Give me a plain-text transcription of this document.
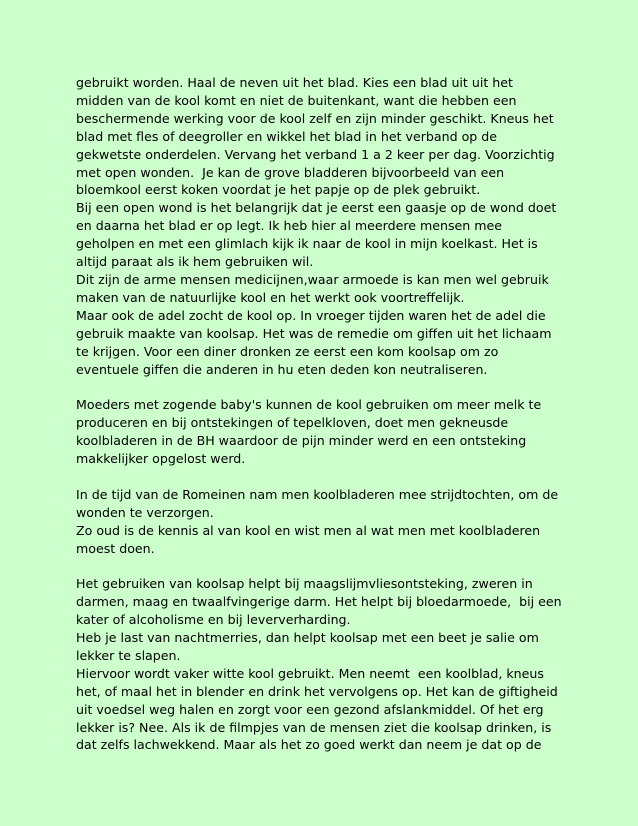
gebruikt worden. Haal de neven uit het blad. Kies een blad uit uit het
midden van de kool komt en niet de buitenkant, want die hebben een
beschermende werking voor de kool zelf en zijn minder geschikt. Kneus het
blad met fles of deegroller en wikkel het blad in het verband op de
gekwetste onderdelen. Vervang het verband 1 a 2 keer per dag. Voorzichtig
met open wonden.  Je kan de grove bladderen bijvoorbeeld van een
bloemkool eerst koken voordat je het papje op de plek gebruikt.
Bij een open wond is het belangrijk dat je eerst een gaasje op de wond doet
en daarna het blad er op legt. Ik heb hier al meerdere mensen mee
geholpen en met een glimlach kijk ik naar de kool in mijn koelkast. Het is
altijd paraat als ik hem gebruiken wil.
Dit zijn de arme mensen medicijnen,waar armoede is kan men wel gebruik
maken van de natuurlijke kool en het werkt ook voortreffelijk.
Maar ook de adel zocht de kool op. In vroeger tijden waren het de adel die
gebruik maakte van koolsap. Het was de remedie om giffen uit het lichaam
te krijgen. Voor een diner dronken ze eerst een kom koolsap om zo
eventuele giffen die anderen in hu eten deden kon neutraliseren.
Moeders met zogende baby's kunnen de kool gebruiken om meer melk te
produceren en bij ontstekingen of tepelkloven, doet men gekneusde
koolbladeren in de BH waardoor de pijn minder werd en een ontsteking
makkelijker opgelost werd.
In de tijd van de Romeinen nam men koolbladeren mee strijdtochten, om de
wonden te verzorgen.
Zo oud is de kennis al van kool en wist men al wat men met koolbladeren
moest doen.
Het gebruiken van koolsap helpt bij maagslijmvliesontsteking, zweren in
darmen, maag en twaalfvingerige darm. Het helpt bij bloedarmoede,  bij een
kater of alcoholisme en bij leververharding.
Heb je last van nachtmerries, dan helpt koolsap met een beet je salie om
lekker te slapen.
Hiervoor wordt vaker witte kool gebruikt. Men neemt  een koolblad, kneus
het, of maal het in blender en drink het vervolgens op. Het kan de giftigheid
uit voedsel weg halen en zorgt voor een gezond afslankmiddel. Of het erg
lekker is? Nee. Als ik de filmpjes van de mensen ziet die koolsap drinken, is
dat zelfs lachwekkend. Maar als het zo goed werkt dan neem je dat op de
